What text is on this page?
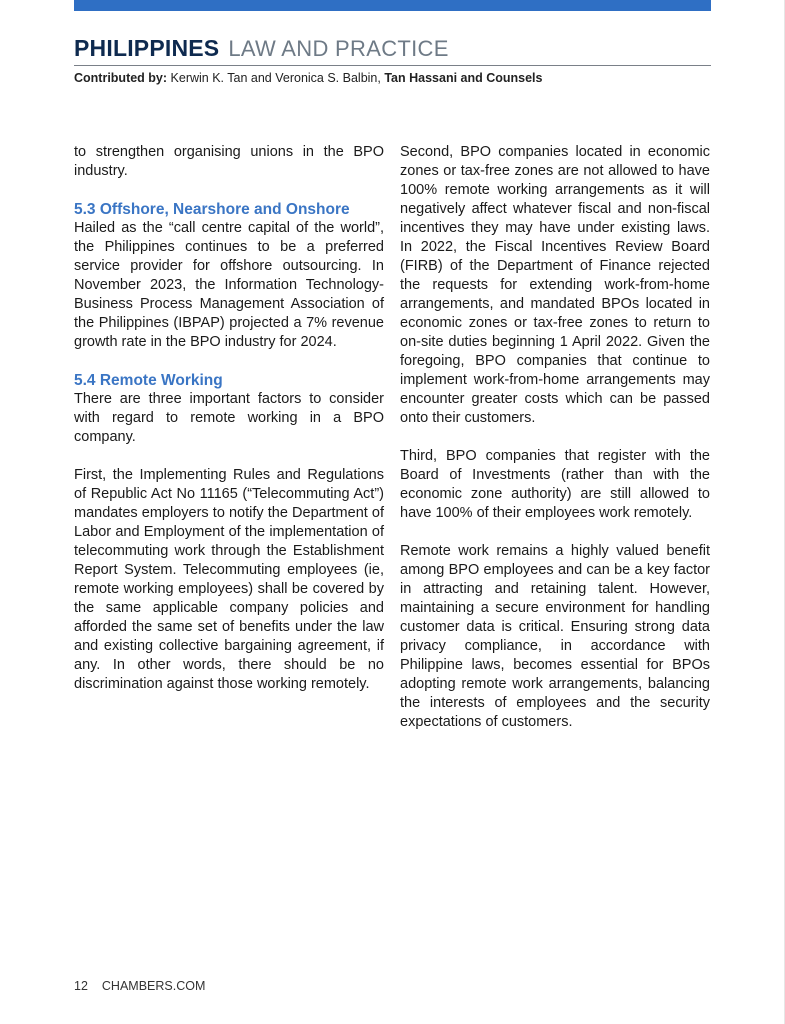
PHILIPPINES LAW AND PRACTICE
Contributed by: Kerwin K. Tan and Veronica S. Balbin, Tan Hassani and Counsels

to strengthen organising unions in the BPO industry.

5.3 Offshore, Nearshore and Onshore

Hailed as the “call centre capital of the world”, the Philippines continues to be a preferred service provider for offshore outsourcing. In November 2023, the Information Technology-Business Process Management Association of the Philippines (IBPAP) projected a 7% revenue growth rate in the BPO industry for 2024.

5.4 Remote Working

There are three important factors to consider with regard to remote working in a BPO company.

First, the Implementing Rules and Regulations of Republic Act No 11165 (“Telecommuting Act”) mandates employers to notify the Department of Labor and Employment of the implementation of telecommuting work through the Establishment Report System. Telecommuting employees (ie, remote working employees) shall be covered by the same applicable company policies and afforded the same set of benefits under the law and existing collective bargaining agreement, if any. In other words, there should be no discrimination against those working remotely.

Second, BPO companies located in economic zones or tax-free zones are not allowed to have 100% remote working arrangements as it will negatively affect whatever fiscal and non-fiscal incentives they may have under existing laws. In 2022, the Fiscal Incentives Review Board (FIRB) of the Department of Finance rejected the requests for extending work-from-home arrangements, and mandated BPOs located in economic zones or tax-free zones to return to on-site duties beginning 1 April 2022. Given the foregoing, BPO companies that continue to implement work-from-home arrangements may encounter greater costs which can be passed onto their customers.

Third, BPO companies that register with the Board of Investments (rather than with the economic zone authority) are still allowed to have 100% of their employees work remotely.

Remote work remains a highly valued benefit among BPO employees and can be a key factor in attracting and retaining talent. However, maintaining a secure environment for handling customer data is critical. Ensuring strong data privacy compliance, in accordance with Philippine laws, becomes essential for BPOs adopting remote work arrangements, balancing the interests of employees and the security expectations of customers.

12 CHAMBERS.COM
